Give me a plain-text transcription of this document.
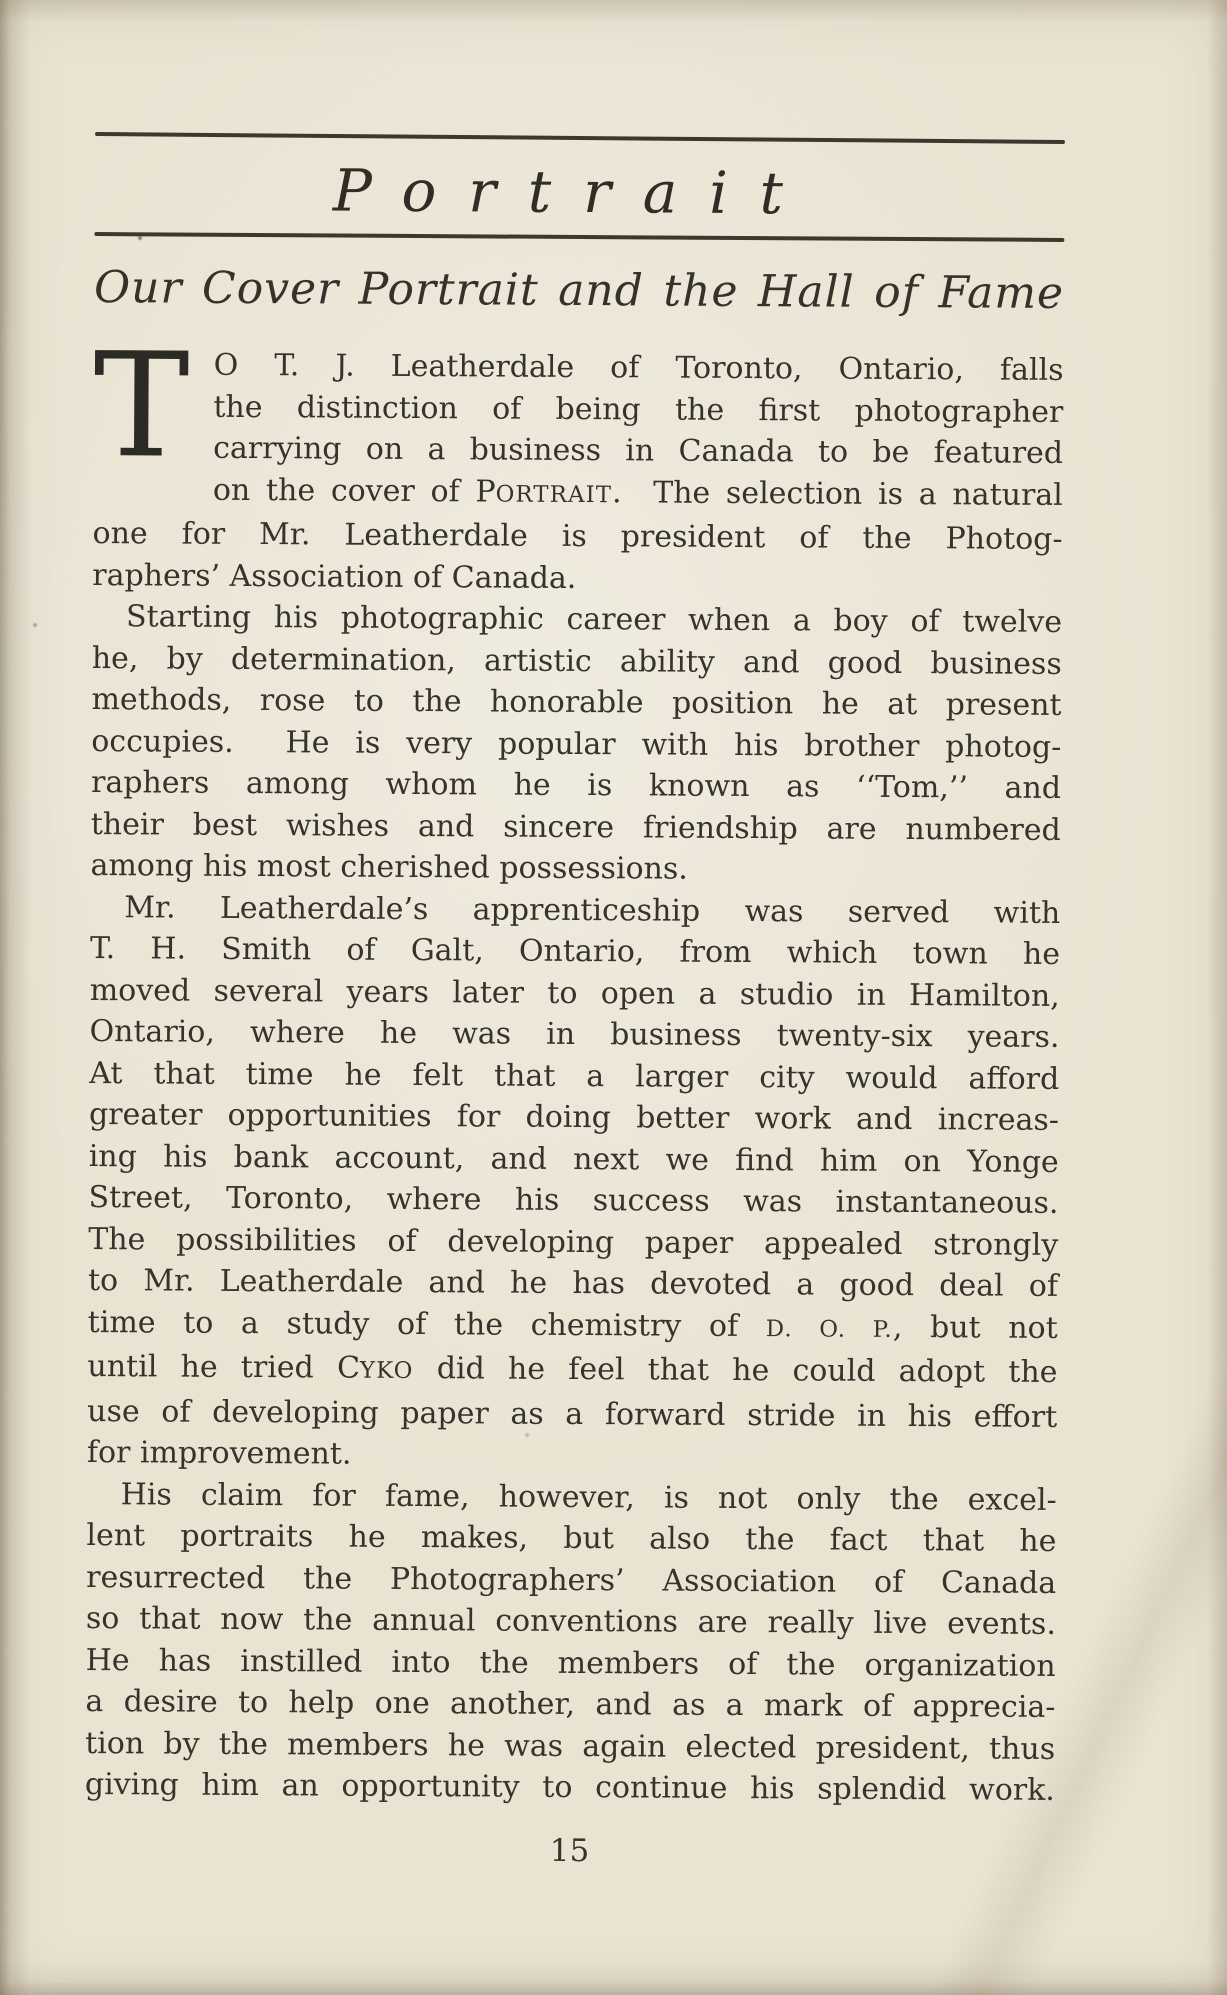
Portrait
Our Cover Portrait and the Hall of Fame
T O T. J. Leatherdale of Toronto, Ontario, falls
the distinction of being the first photographer
carrying on a business in Canada to be featured
on the cover of PORTRAIT.  The selection is a natural
one for Mr. Leatherdale is president of the Photog-
raphers’ Association of Canada.
Starting his photographic career when a boy of twelve
he, by determination, artistic ability and good business
methods, rose to the honorable position he at present
occupies.  He is very popular with his brother photog-
raphers among whom he is known as ‘‘Tom,’’ and
their best wishes and sincere friendship are numbered
among his most cherished possessions.
Mr. Leatherdale’s apprenticeship was served with
T. H. Smith of Galt, Ontario, from which town he
moved several years later to open a studio in Hamilton,
Ontario, where he was in business twenty-six years.
At that time he felt that a larger city would afford
greater opportunities for doing better work and increas-
ing his bank account, and next we find him on Yonge
Street, Toronto, where his success was instantaneous.
The possibilities of developing paper appealed strongly
to Mr. Leatherdale and he has devoted a good deal of
time to a study of the chemistry of D. O. P., but not
until he tried CYKO did he feel that he could adopt the
use of developing paper as a forward stride in his effort
for improvement.
His claim for fame, however, is not only the excel-
lent portraits he makes, but also the fact that he
resurrected the Photographers’ Association of Canada
so that now the annual conventions are really live events.
He has instilled into the members of the organization
a desire to help one another, and as a mark of apprecia-
tion by the members he was again elected president, thus
giving him an opportunity to continue his splendid work.
15
